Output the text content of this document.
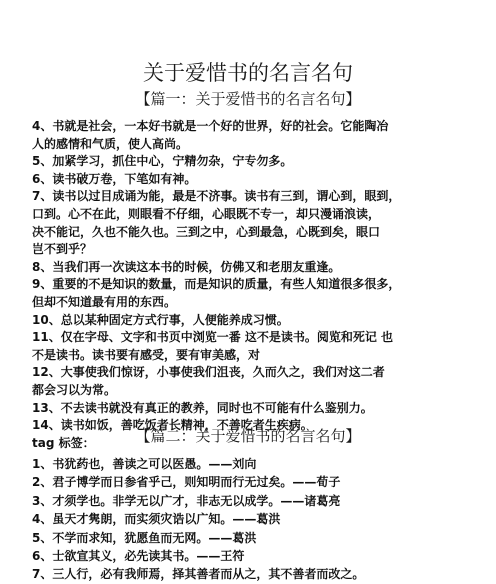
关于爱惜书的名言名句
【篇一：关于爱惜书的名言名句】
4、书就是社会，一本好书就是一个好的世界，好的社会。它能陶冶
人的感情和气质，使人高尚。
5、加紧学习，抓住中心，宁精勿杂，宁专勿多。
6、读书破万卷，下笔如有神。
7、读书以过目成诵为能，最是不济事。读书有三到，谓心到，眼到，
口到。心不在此，则眼看不仔细，心眼既不专一，却只漫诵浪读，
决不能记，久也不能久也。三到之中，心到最急，心既到矣，眼口
岂不到乎？
8、当我们再一次读这本书的时候，仿佛又和老朋友重逢。
9、重要的不是知识的数量，而是知识的质量，有些人知道很多很多，
但却不知道最有用的东西。
10、总以某种固定方式行事，人便能养成习惯。
11、仅在字母、文字和书页中浏览一番 这不是读书。阅览和死记 也
不是读书。读书要有感受，要有审美感，对
12、大事使我们惊讶，小事使我们沮丧，久而久之，我们对这二者
都会习以为常。
13、不去读书就没有真正的教养，同时也不可能有什么鉴别力。
14、读书如饭，善吃饭者长精神，不善吃者生疾病。
tag 标签：	【篇二：关于爱惜书的名言名句】
1、书犹药也，善读之可以医愚。——刘向
2、君子博学而日参省乎己，则知明而行无过矣。——荀子
3、才须学也。非学无以广才，非志无以成学。——诸葛亮
4、虽天才隽朗，而实须灾诰以广知。——葛洪
5、不学而求知，犹愿鱼而无网。——葛洪
6、士欲宣其义，必先读其书。——王符
7、三人行，必有我师焉，择其善者而从之，其不善者而改之。
